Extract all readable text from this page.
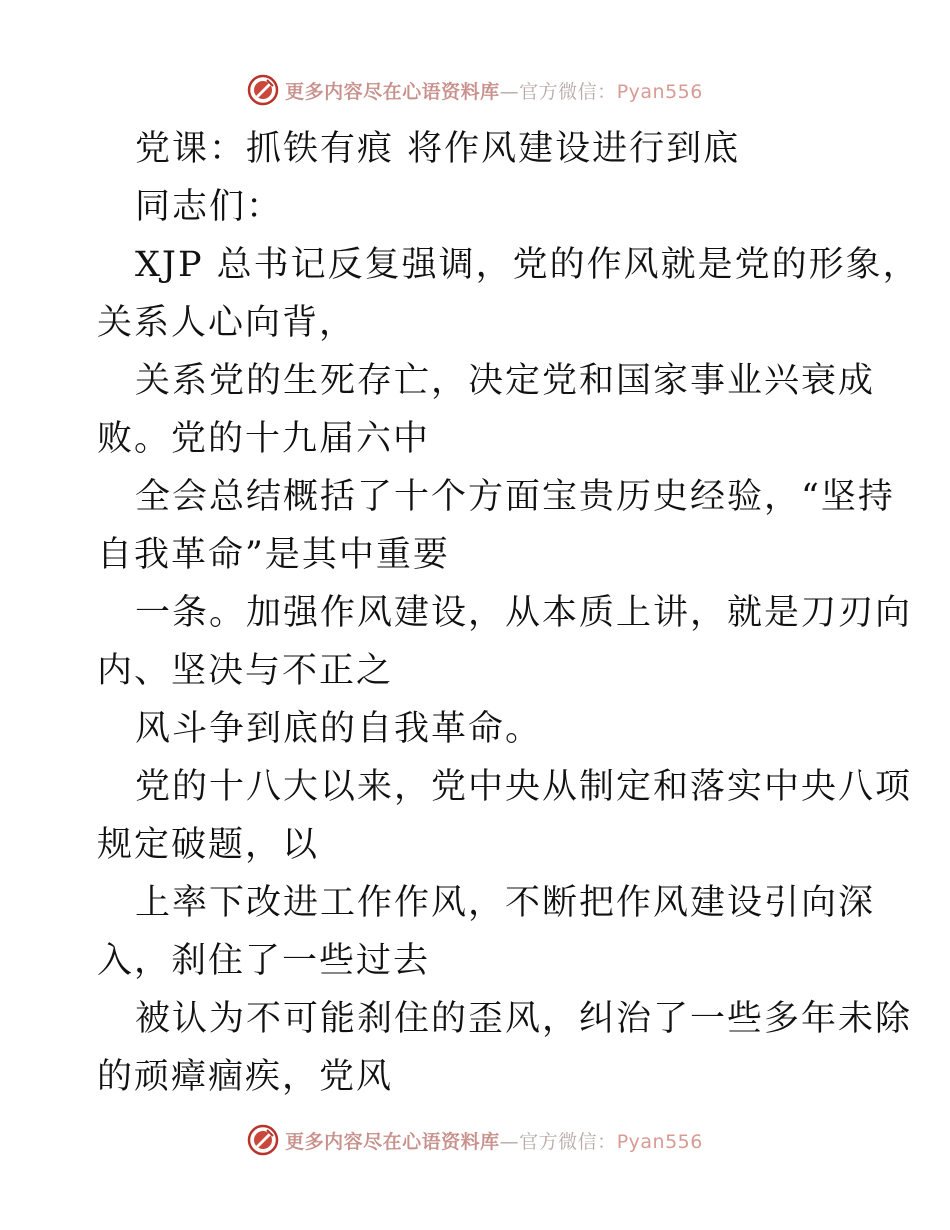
更多内容尽在心语资料库—官方微信：Pyan556
党课：抓铁有痕 将作风建设进行到底
同志们：
XJP 总书记反复强调，党的作风就是党的形象，
关系人心向背，
关系党的生死存亡，决定党和国家事业兴衰成
败。党的十九届六中
全会总结概括了十个方面宝贵历史经验，“坚持
自我革命”是其中重要
一条。加强作风建设，从本质上讲，就是刀刃向
内、坚决与不正之
风斗争到底的自我革命。
党的十八大以来，党中央从制定和落实中央八项
规定破题，以
上率下改进工作作风，不断把作风建设引向深
入，刹住了一些过去
被认为不可能刹住的歪风，纠治了一些多年未除
的顽瘴痼疾，党风
更多内容尽在心语资料库—官方微信：Pyan556
